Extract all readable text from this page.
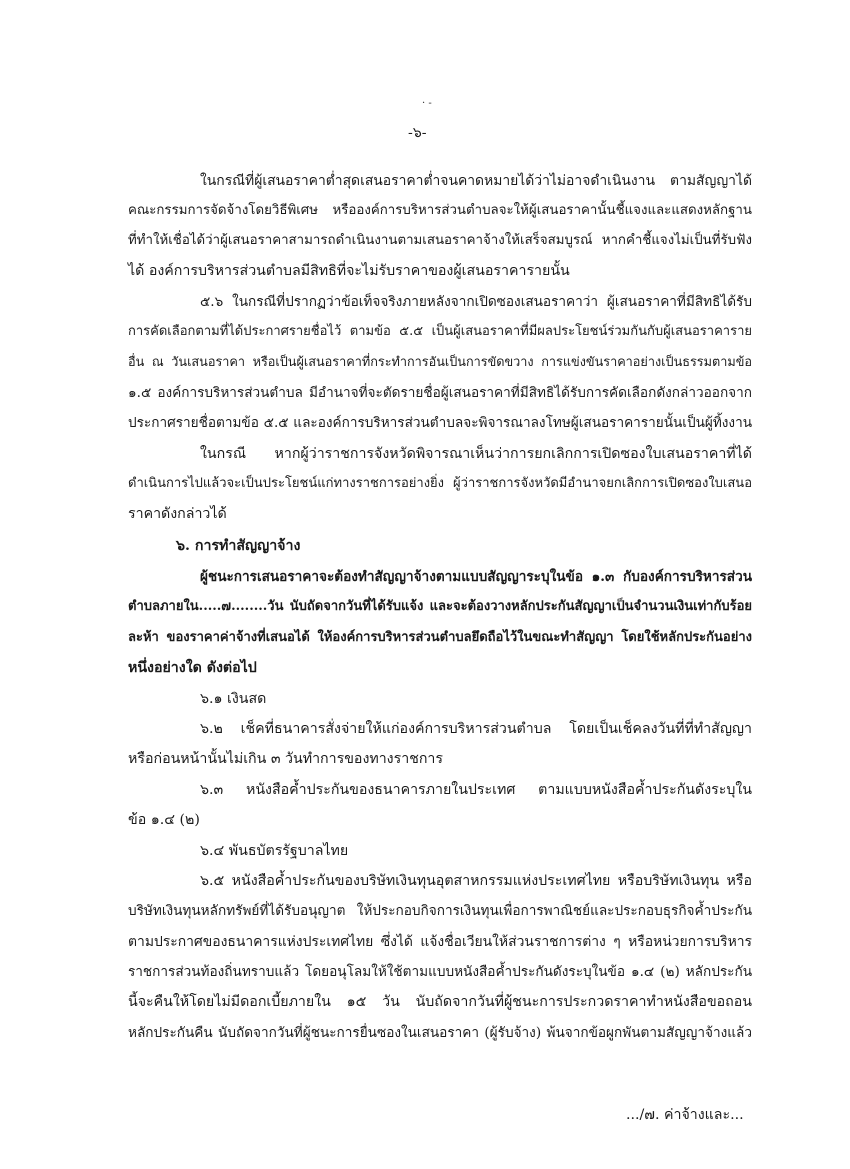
· -
-๖-
ในกรณีที่ผู้เสนอราคาต่ำสุดเสนอราคาต่ำจนคาดหมายได้ว่าไม่อาจดำเนินงาน ตามสัญญาได้
คณะกรรมการจัดจ้างโดยวิธีพิเศษ หรือองค์การบริหารส่วนตำบลจะให้ผู้เสนอราคานั้นชี้แจงและแสดงหลักฐาน
ที่ทำให้เชื่อได้ว่าผู้เสนอราคาสามารถดำเนินงานตามเสนอราคาจ้างให้เสร็จสมบูรณ์ หากคำชี้แจงไม่เป็นที่รับฟัง
ได้ องค์การบริหารส่วนตำบลมีสิทธิที่จะไม่รับราคาของผู้เสนอราคารายนั้น
๕.๖ ในกรณีที่ปรากฏว่าข้อเท็จจริงภายหลังจากเปิดซองเสนอราคาว่า ผู้เสนอราคาที่มีสิทธิได้รับ
การคัดเลือกตามที่ได้ประกาศรายชื่อไว้ ตามข้อ ๕.๕ เป็นผู้เสนอราคาที่มีผลประโยชน์ร่วมกันกับผู้เสนอราคาราย
อื่น ณ วันเสนอราคา หรือเป็นผู้เสนอราคาที่กระทำการอันเป็นการขัดขวาง การแข่งขันราคาอย่างเป็นธรรมตามข้อ
๑.๕ องค์การบริหารส่วนตำบล มีอำนาจที่จะตัดรายชื่อผู้เสนอราคาที่มีสิทธิได้รับการคัดเลือกดังกล่าวออกจาก
ประกาศรายชื่อตามข้อ ๕.๕ และองค์การบริหารส่วนตำบลจะพิจารณาลงโทษผู้เสนอราคารายนั้นเป็นผู้ทิ้งงาน
ในกรณี หากผู้ว่าราชการจังหวัดพิจารณาเห็นว่าการยกเลิกการเปิดซองใบเสนอราคาที่ได้
ดำเนินการไปแล้วจะเป็นประโยชน์แก่ทางราชการอย่างยิ่ง ผู้ว่าราชการจังหวัดมีอำนาจยกเลิกการเปิดซองใบเสนอ
ราคาดังกล่าวได้
๖. การทำสัญญาจ้าง
ผู้ชนะการเสนอราคาจะต้องทำสัญญาจ้างตามแบบสัญญาระบุในข้อ ๑.๓ กับองค์การบริหารส่วน
ตำบลภายใน.....๗........วัน นับถัดจากวันที่ได้รับแจ้ง และจะต้องวางหลักประกันสัญญาเป็นจำนวนเงินเท่ากับร้อย
ละห้า ของราคาค่าจ้างที่เสนอได้ ให้องค์การบริหารส่วนตำบลยึดถือไว้ในขณะทำสัญญา โดยใช้หลักประกันอย่าง
หนึ่งอย่างใด ดังต่อไป
๖.๑ เงินสด
๖.๒ เช็คที่ธนาคารสั่งจ่ายให้แก่องค์การบริหารส่วนตำบล โดยเป็นเช็คลงวันที่ที่ทำสัญญา
หรือก่อนหน้านั้นไม่เกิน ๓ วันทำการของทางราชการ
๖.๓ หนังสือค้ำประกันของธนาคารภายในประเทศ ตามแบบหนังสือค้ำประกันดังระบุใน
ข้อ ๑.๔ (๒)
๖.๔ พันธบัตรรัฐบาลไทย
๖.๕ หนังสือค้ำประกันของบริษัทเงินทุนอุตสาหกรรมแห่งประเทศไทย หรือบริษัทเงินทุน หรือ
บริษัทเงินทุนหลักทรัพย์ที่ได้รับอนุญาต ให้ประกอบกิจการเงินทุนเพื่อการพาณิชย์และประกอบธุรกิจค้ำประกัน
ตามประกาศของธนาคารแห่งประเทศไทย ซึ่งได้ แจ้งชื่อเวียนให้ส่วนราชการต่าง ๆ หรือหน่วยการบริหาร
ราชการส่วนท้องถิ่นทราบแล้ว โดยอนุโลมให้ใช้ตามแบบหนังสือค้ำประกันดังระบุในข้อ ๑.๔ (๒) หลักประกัน
นี้จะคืนให้โดยไม่มีดอกเบี้ยภายใน ๑๕ วัน นับถัดจากวันที่ผู้ชนะการประกวดราคาทำหนังสือขอถอน
หลักประกันคืน นับถัดจากวันที่ผู้ชนะการยื่นซองในเสนอราคา (ผู้รับจ้าง) พ้นจากข้อผูกพันตามสัญญาจ้างแล้ว
.../๗. ค่าจ้างและ...
